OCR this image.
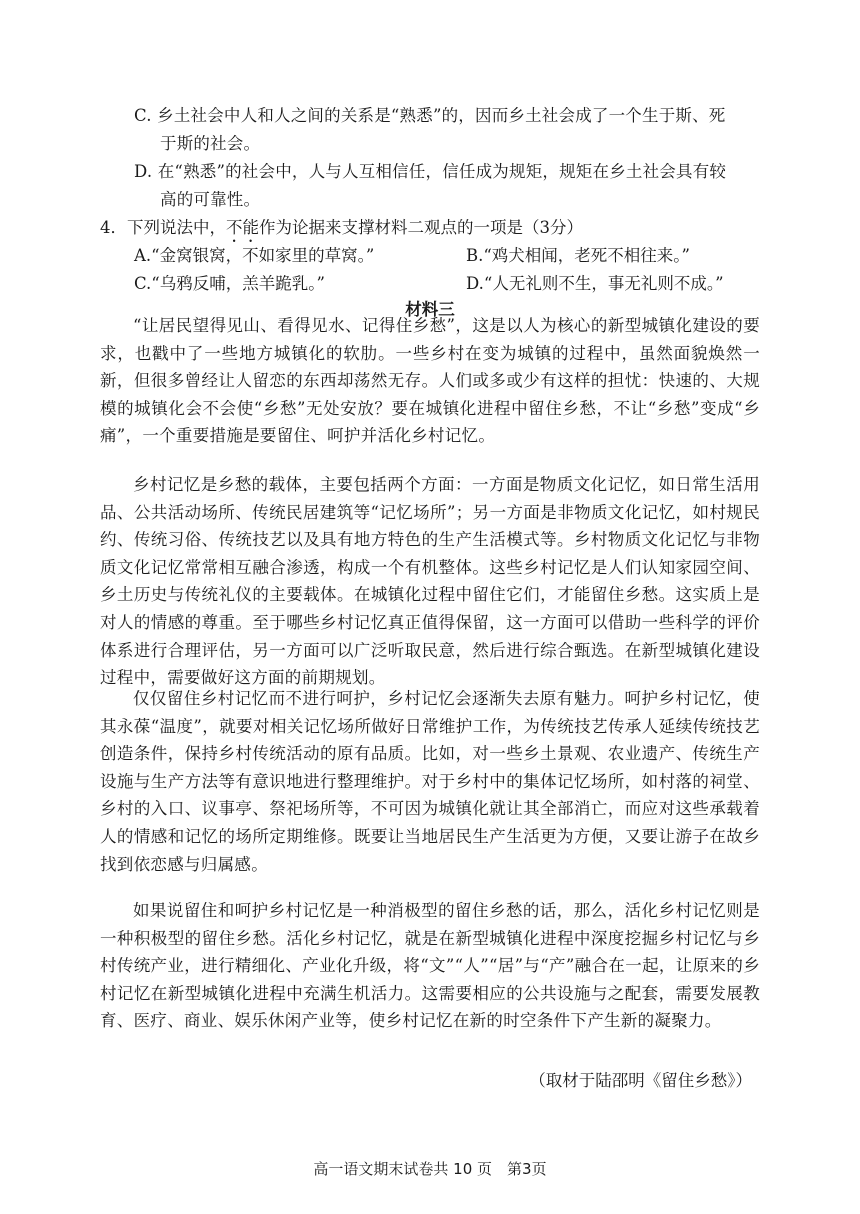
C. 乡土社会中人和人之间的关系是“熟悉”的，因而乡土社会成了一个生于斯、死
于斯的社会。
D. 在“熟悉”的社会中，人与人互相信任，信任成为规矩，规矩在乡土社会具有较
高的可靠性。
4．下列说法中，不能作为论据来支撑材料二观点的一项是（3分）
A.“金窝银窝，不如家里的草窝。”	B.“鸡犬相闻，老死不相往来。”
C.“乌鸦反哺，羔羊跪乳。”	D.“人无礼则不生，事无礼则不成。”
材料三

“让居民望得见山、看得见水、记得住乡愁”，这是以人为核心的新型城镇化建设的要求，也戳中了一些地方城镇化的软肋。一些乡村在变为城镇的过程中，虽然面貌焕然一新，但很多曾经让人留恋的东西却荡然无存。人们或多或少有这样的担忧：快速的、大规模的城镇化会不会使“乡愁”无处安放？要在城镇化进程中留住乡愁，不让“乡愁”变成“乡痛”，一个重要措施是要留住、呵护并活化乡村记忆。

乡村记忆是乡愁的载体，主要包括两个方面：一方面是物质文化记忆，如日常生活用品、公共活动场所、传统民居建筑等“记忆场所”；另一方面是非物质文化记忆，如村规民约、传统习俗、传统技艺以及具有地方特色的生产生活模式等。乡村物质文化记忆与非物质文化记忆常常相互融合渗透，构成一个有机整体。这些乡村记忆是人们认知家园空间、乡土历史与传统礼仪的主要载体。在城镇化过程中留住它们，才能留住乡愁。这实质上是对人的情感的尊重。至于哪些乡村记忆真正值得保留，这一方面可以借助一些科学的评价体系进行合理评估，另一方面可以广泛听取民意，然后进行综合甄选。在新型城镇化建设过程中，需要做好这方面的前期规划。

仅仅留住乡村记忆而不进行呵护，乡村记忆会逐渐失去原有魅力。呵护乡村记忆，使其永葆“温度”，就要对相关记忆场所做好日常维护工作，为传统技艺传承人延续传统技艺创造条件，保持乡村传统活动的原有品质。比如，对一些乡土景观、农业遗产、传统生产设施与生产方法等有意识地进行整理维护。对于乡村中的集体记忆场所，如村落的祠堂、乡村的入口、议事亭、祭祀场所等，不可因为城镇化就让其全部消亡，而应对这些承载着人的情感和记忆的场所定期维修。既要让当地居民生产生活更为方便，又要让游子在故乡找到依恋感与归属感。

如果说留住和呵护乡村记忆是一种消极型的留住乡愁的话，那么，活化乡村记忆则是一种积极型的留住乡愁。活化乡村记忆，就是在新型城镇化进程中深度挖掘乡村记忆与乡村传统产业，进行精细化、产业化升级，将“文”“人”“居”与“产”融合在一起，让原来的乡村记忆在新型城镇化进程中充满生机活力。这需要相应的公共设施与之配套，需要发展教育、医疗、商业、娱乐休闲产业等，使乡村记忆在新的时空条件下产生新的凝聚力。

（取材于陆邵明《留住乡愁》）
高一语文期末试卷共 10 页　第3页
